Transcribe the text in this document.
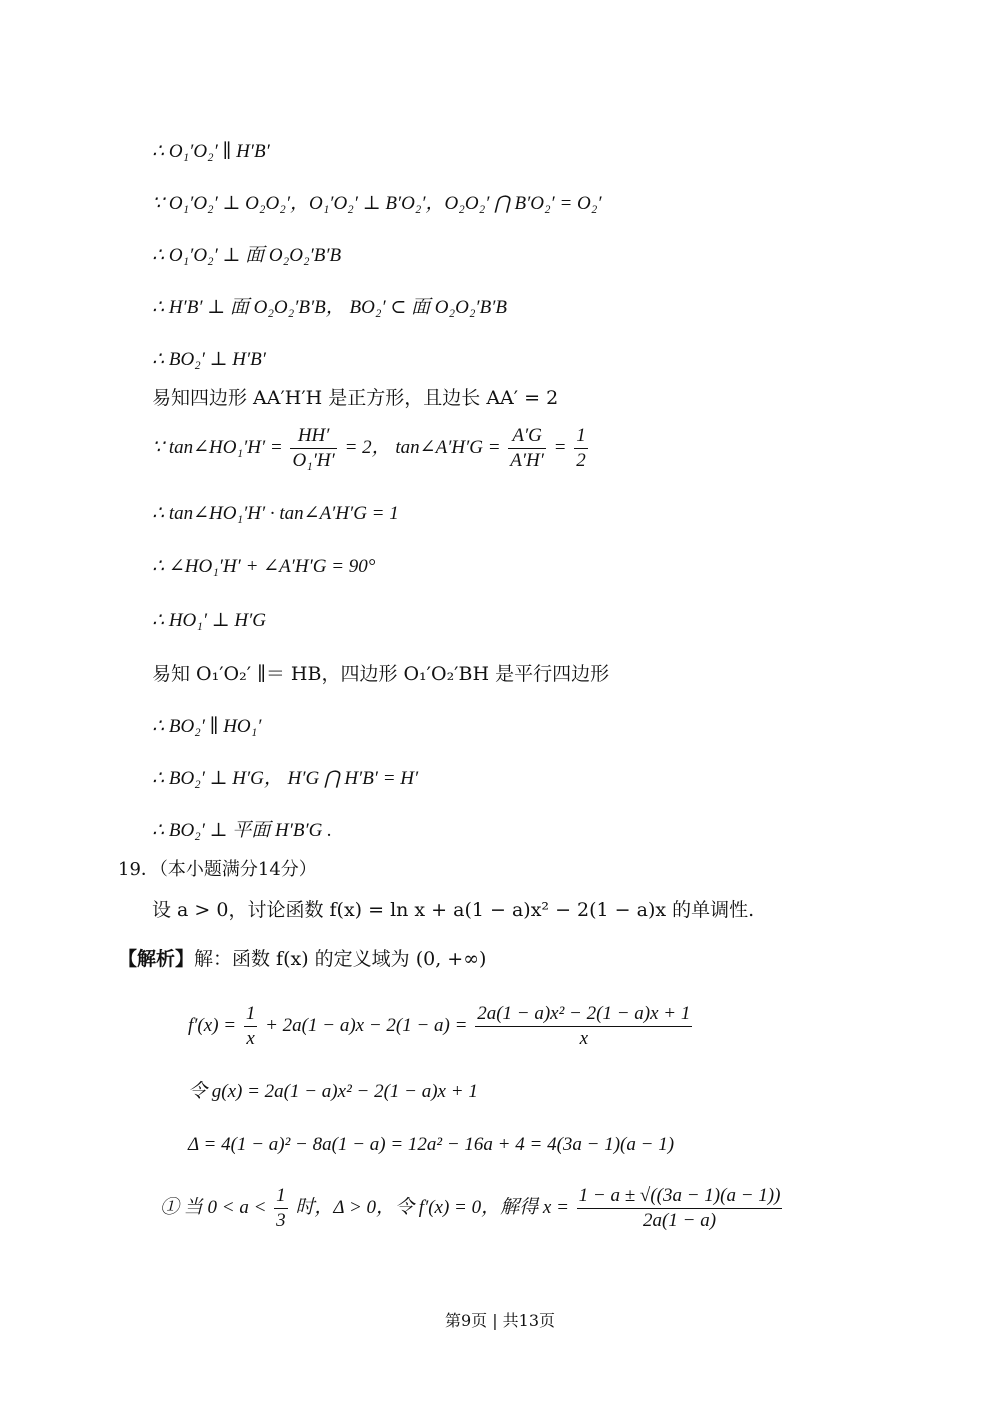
∴ O₁′O₂′ ∥ H′B′
∵ O₁′O₂′ ⊥ O₂O₂′，O₁′O₂′ ⊥ B′O₂′，O₂O₂′ ⋂ B′O₂′ = O₂′
∴ O₁′O₂′ ⊥ 面 O₂O₂′B′B
∴ H′B′ ⊥ 面 O₂O₂′B′B， BO₂′ ⊂ 面 O₂O₂′B′B
∴ BO₂′ ⊥ H′B′
易知四边形 AA′H′H 是正方形，且边长 AA′ = 2
∵ tan∠HO₁′H′ = $\frac{HH'}{\text{O₁′H′}} = 2$， tan∠A′H′G = $\frac{A'G}{A'H'} = \frac{1}{2}$
∴ tan∠HO₁′H′ · tan∠A′H′G = 1
∴ ∠HO₁′H′ + ∠A′H′G = 90°
∴ HO₁′ ⊥ H′G
易知 O₁′O₂′ ∥＝ HB，四边形 O₁′O₂′BH 是平行四边形
∴ BO₂′ ∥ HO₁′
∴ BO₂′ ⊥ H′G， H′G ⋂ H′B′ = H′
∴ BO₂′ ⊥ 平面 H′B′G .
19．（本小题满分14分）
设 a > 0，讨论函数 f(x) = ln x + a(1 − a)x² − 2(1 − a)x 的单调性.
【解析】解：函数 f(x) 的定义域为 (0, +∞)
$f'(x) = \frac{1}{x} + 2a(1 - a)x - 2(1 - a) = \frac{\text{2a(1 − a)x² − 2(1 − a)x + 1}}{x}$
令 g(x) = 2a(1 − a)x² − 2(1 − a)x + 1
Δ = 4(1 − a)² − 8a(1 − a) = 12a² − 16a + 4 = 4(3a − 1)(a − 1)
① 当 $0 < a < \frac{1}{3}$ 时，Δ > 0，令 f′(x) = 0，解得 $x = \frac{1 - a \pm √((3a - 1)(a - 1))}{2a(1 - a)}$
第9页 | 共13页
